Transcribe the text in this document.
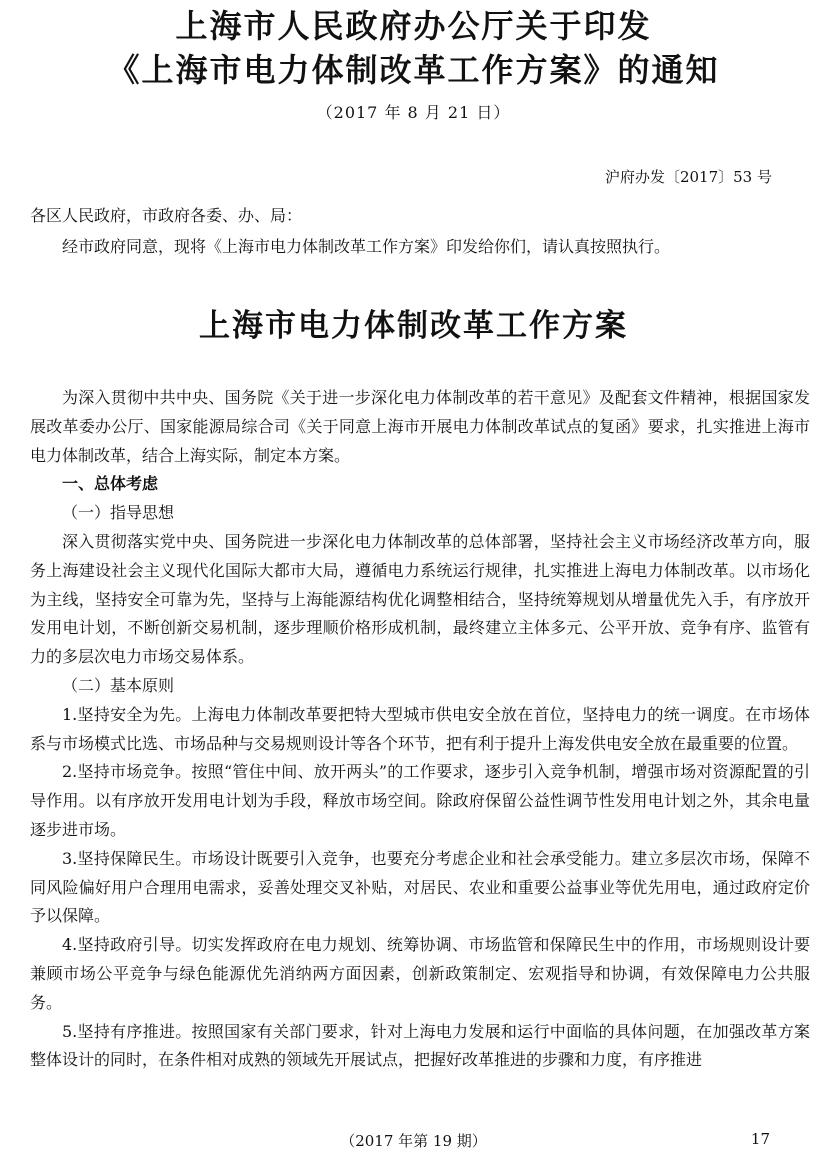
上海市人民政府办公厅关于印发
《上海市电力体制改革工作方案》的通知
（2017 年 8 月 21 日）
沪府办发〔2017〕53 号
各区人民政府，市政府各委、办、局：
经市政府同意，现将《上海市电力体制改革工作方案》印发给你们，请认真按照执行。
上海市电力体制改革工作方案

为深入贯彻中共中央、国务院《关于进一步深化电力体制改革的若干意见》及配套文件精神，根据国家发展改革委办公厅、国家能源局综合司《关于同意上海市开展电力体制改革试点的复函》要求，扎实推进上海市电力体制改革，结合上海实际，制定本方案。

一、总体考虑

（一）指导思想

深入贯彻落实党中央、国务院进一步深化电力体制改革的总体部署，坚持社会主义市场经济改革方向，服务上海建设社会主义现代化国际大都市大局，遵循电力系统运行规律，扎实推进上海电力体制改革。以市场化为主线，坚持安全可靠为先，坚持与上海能源结构优化调整相结合，坚持统筹规划从增量优先入手，有序放开发用电计划，不断创新交易机制，逐步理顺价格形成机制，最终建立主体多元、公平开放、竞争有序、监管有力的多层次电力市场交易体系。

（二）基本原则

1.坚持安全为先。上海电力体制改革要把特大型城市供电安全放在首位，坚持电力的统一调度。在市场体系与市场模式比选、市场品种与交易规则设计等各个环节，把有利于提升上海发供电安全放在最重要的位置。

2.坚持市场竞争。按照“管住中间、放开两头”的工作要求，逐步引入竞争机制，增强市场对资源配置的引导作用。以有序放开发用电计划为手段，释放市场空间。除政府保留公益性调节性发用电计划之外，其余电量逐步进市场。

3.坚持保障民生。市场设计既要引入竞争，也要充分考虑企业和社会承受能力。建立多层次市场，保障不同风险偏好用户合理用电需求，妥善处理交叉补贴，对居民、农业和重要公益事业等优先用电，通过政府定价予以保障。

4.坚持政府引导。切实发挥政府在电力规划、统筹协调、市场监管和保障民生中的作用，市场规则设计要兼顾市场公平竞争与绿色能源优先消纳两方面因素，创新政策制定、宏观指导和协调，有效保障电力公共服务。

5.坚持有序推进。按照国家有关部门要求，针对上海电力发展和运行中面临的具体问题，在加强改革方案整体设计的同时，在条件相对成熟的领域先开展试点，把握好改革推进的步骤和力度，有序推进

（2017 年第 19 期）	17
